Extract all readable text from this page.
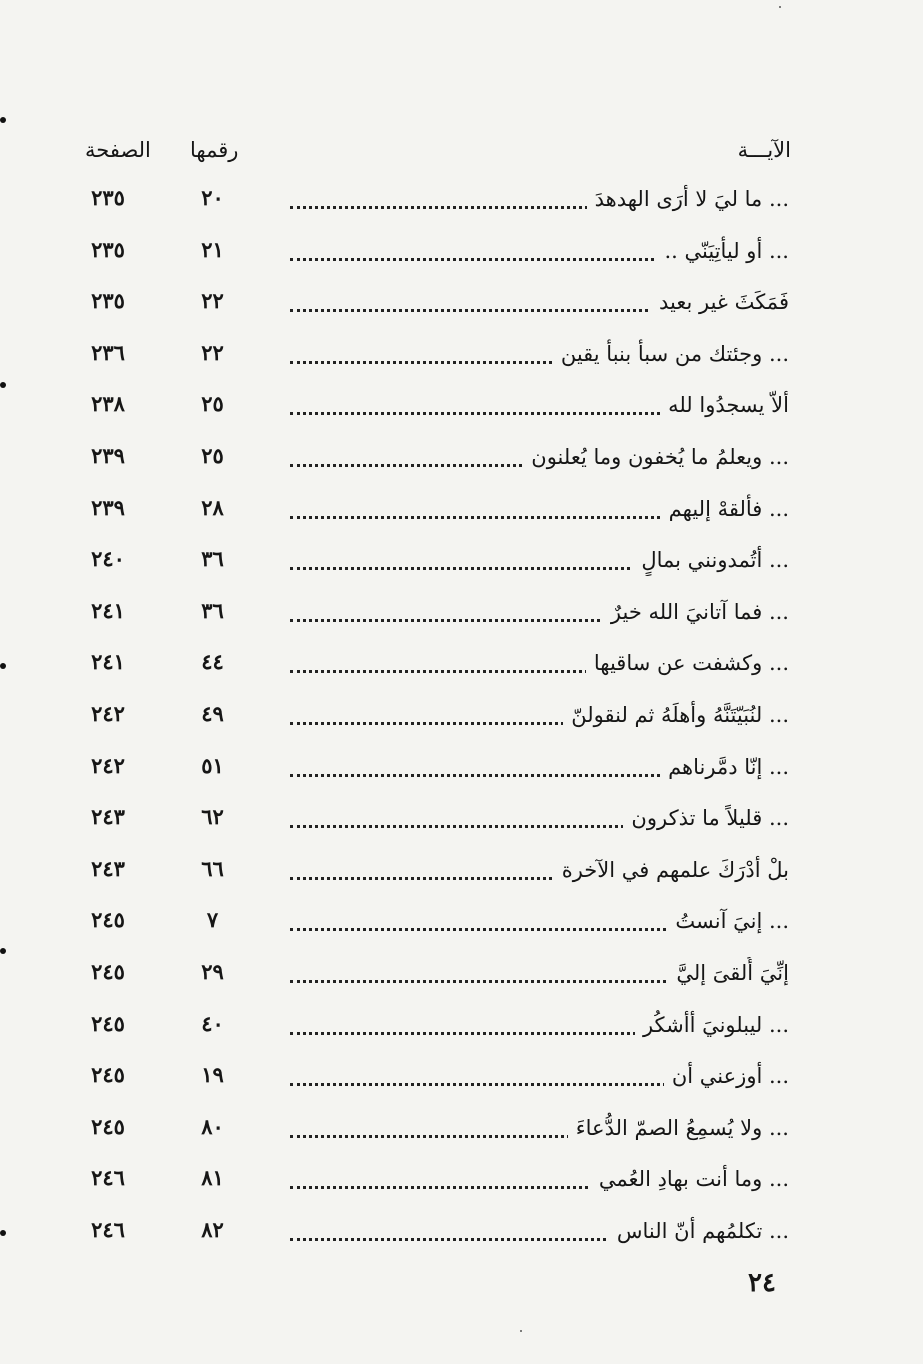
الآيـــة
رقمها
الصفحة
... ما ليَ لا أرَى الهدهدَ
٢٠
٢٣٥
... أو ليأتِيَنّي ..
٢١
٢٣٥
فَمَكَثَ غير بعيد
٢٢
٢٣٥
... وجئتك من سبأ بنبأ يقين
٢٢
٢٣٦
ألاّ يسجدُوا لله
٢٥
٢٣٨
... ويعلمُ ما يُخفون وما يُعلنون
٢٥
٢٣٩
... فألقهْ إليهم
٢٨
٢٣٩
... أتُمدونني بمالٍ
٣٦
٢٤٠
... فما آتانيَ الله خيرٌ
٣٦
٢٤١
... وكشفت عن ساقيها
٤٤
٢٤١
... لنُبَيّتَنَّهُ وأهلَهُ ثم لنقولنّ
٤٩
٢٤٢
... إنّا دمَّرناهم
٥١
٢٤٢
... قليلاً ما تذكرون
٦٢
٢٤٣
بلْ أدْرَكَ علمهم في الآخرة
٦٦
٢٤٣
... إنيَ آنستُ
٧
٢٤٥
إنِّيَ أُلقىَ إليَّ
٢٩
٢٤٥
... ليبلونيَ أأشكُر
٤٠
٢٤٥
... أوزعني أن
١٩
٢٤٥
... ولا يُسمِعُ الصمّ الدُّعاءَ
٨٠
٢٤٥
... وما أنت بهادِ العُمي
٨١
٢٤٦
... تكلمُهم أنّ الناس
٨٢
٢٤٦
٢٤
